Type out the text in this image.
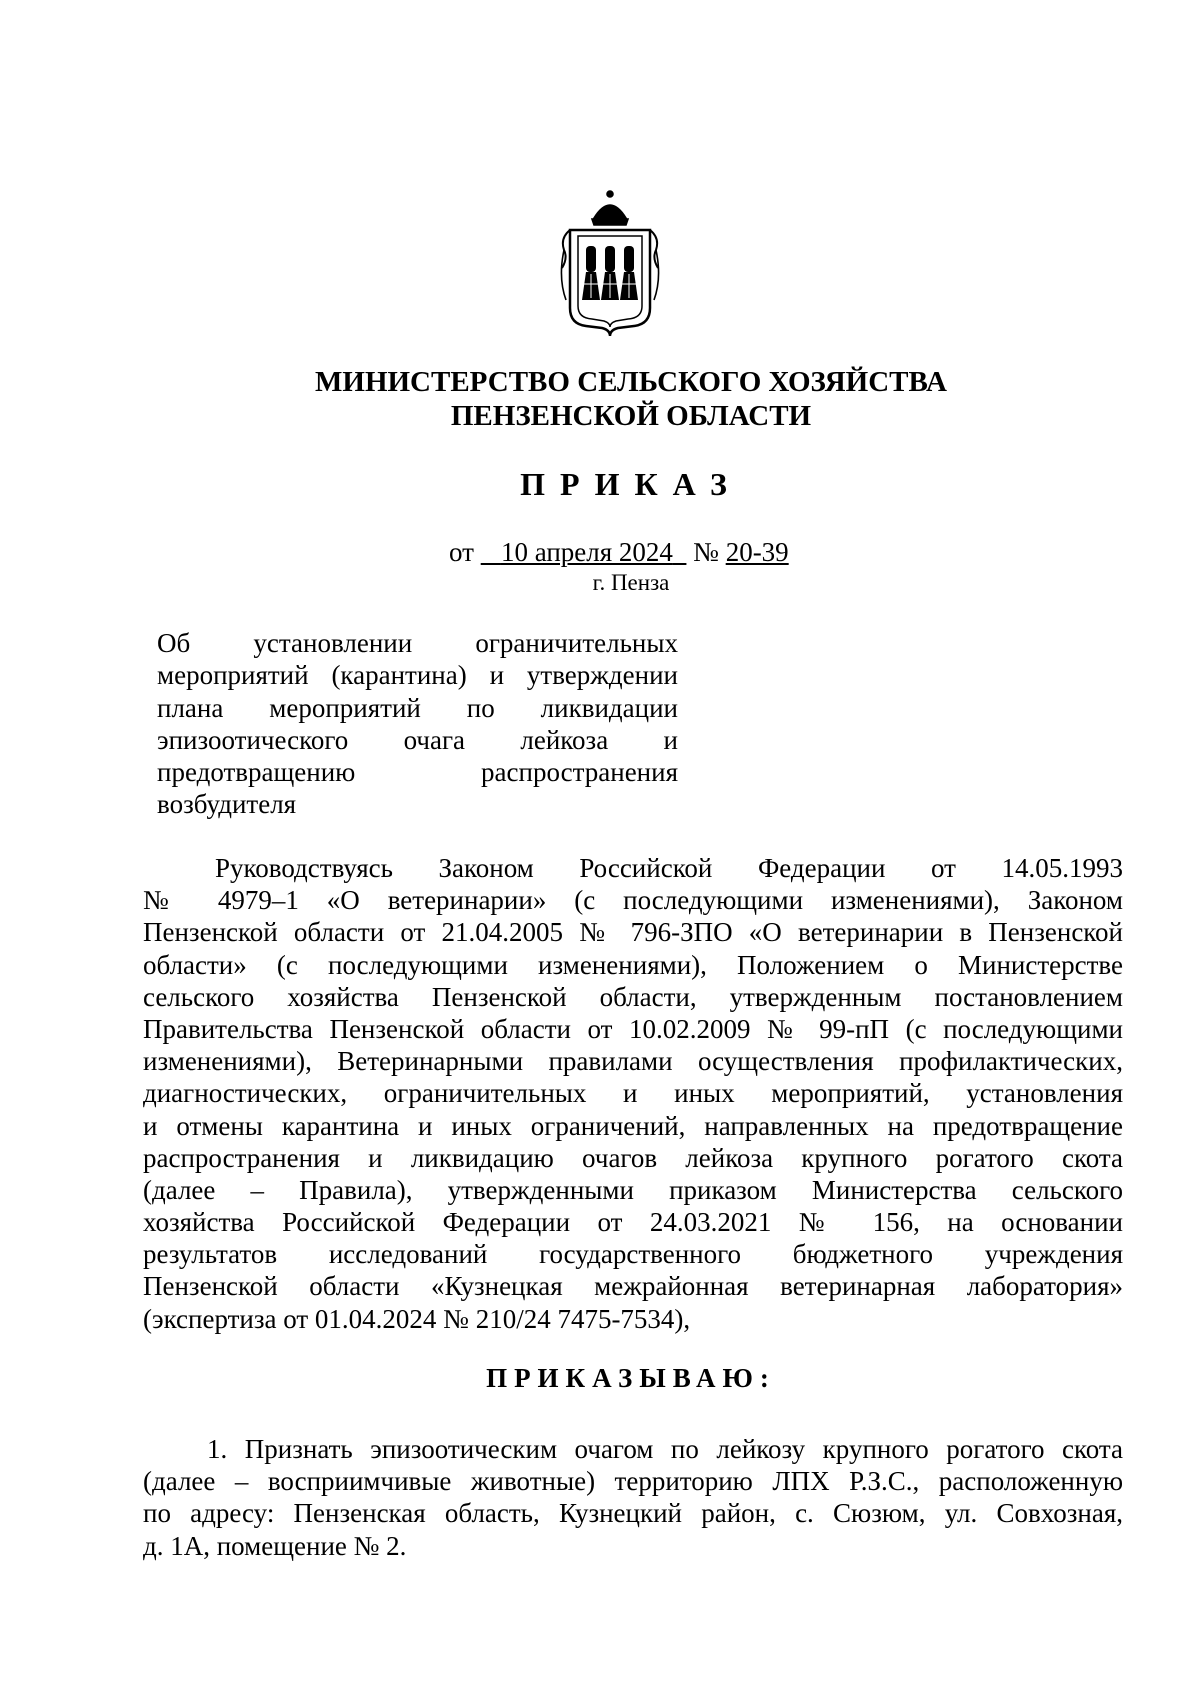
МИНИСТЕРСТВО СЕЛЬСКОГО ХОЗЯЙСТВА
ПЕНЗЕНСКОЙ ОБЛАСТИ
ПРИКАЗ
от 10 апреля 2024 № 20-39
г. Пенза
Об установлении ограничительных
мероприятий (карантина) и утверждении
плана мероприятий по ликвидации
эпизоотического очага лейкоза и
предотвращению распространения
возбудителя
Руководствуясь Законом Российской Федерации от 14.05.1993
№ 4979–1 «О ветеринарии» (с последующими изменениями), Законом
Пензенской области от 21.04.2005 № 796-ЗПО «О ветеринарии в Пензенской
области» (с последующими изменениями), Положением о Министерстве
сельского хозяйства Пензенской области, утвержденным постановлением
Правительства Пензенской области от 10.02.2009 № 99-пП (с последующими
изменениями), Ветеринарными правилами осуществления профилактических,
диагностических, ограничительных и иных мероприятий, установления
и отмены карантина и иных ограничений, направленных на предотвращение
распространения и ликвидацию очагов лейкоза крупного рогатого скота
(далее – Правила), утвержденными приказом Министерства сельского
хозяйства Российской Федерации от 24.03.2021 № 156, на основании
результатов исследований государственного бюджетного учреждения
Пензенской области «Кузнецкая межрайонная ветеринарная лаборатория»
(экспертиза от 01.04.2024 № 210/24 7475-7534),
ПРИКАЗЫВАЮ:
1. Признать эпизоотическим очагом по лейкозу крупного рогатого скота
(далее – восприимчивые животные) территорию ЛПХ Р.З.С., расположенную
по адресу: Пензенская область, Кузнецкий район, с. Сюзюм, ул. Совхозная,
д. 1А, помещение № 2.
